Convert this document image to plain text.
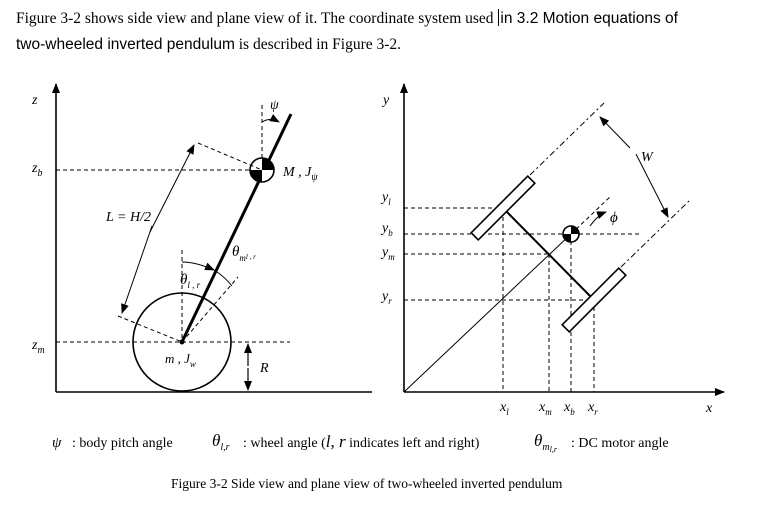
Figure 3-2 shows side view and plane view of it. The coordinate system used in 3.2 Motion equations of
two-wheeled inverted pendulum is described in Figure 3-2.
z
$z_b$
$z_m$
ψ
M , $J_\psi$
L = H/2
$\theta_ml$ , r
$\theta_{l , r}$
m , $J_w$	R
y
x
$y_l$
$y_b$
$y_m$
$y_r$
$x_l$ $x_m$ $x_b$ $x_r$
W
ϕ
ψ : body pitch angle $\theta_{l,r}$ : wheel angle (l, r indicates left and right)	$\theta_ml,r$ : DC motor angle
Figure 3-2 Side view and plane view of two-wheeled inverted pendulum
